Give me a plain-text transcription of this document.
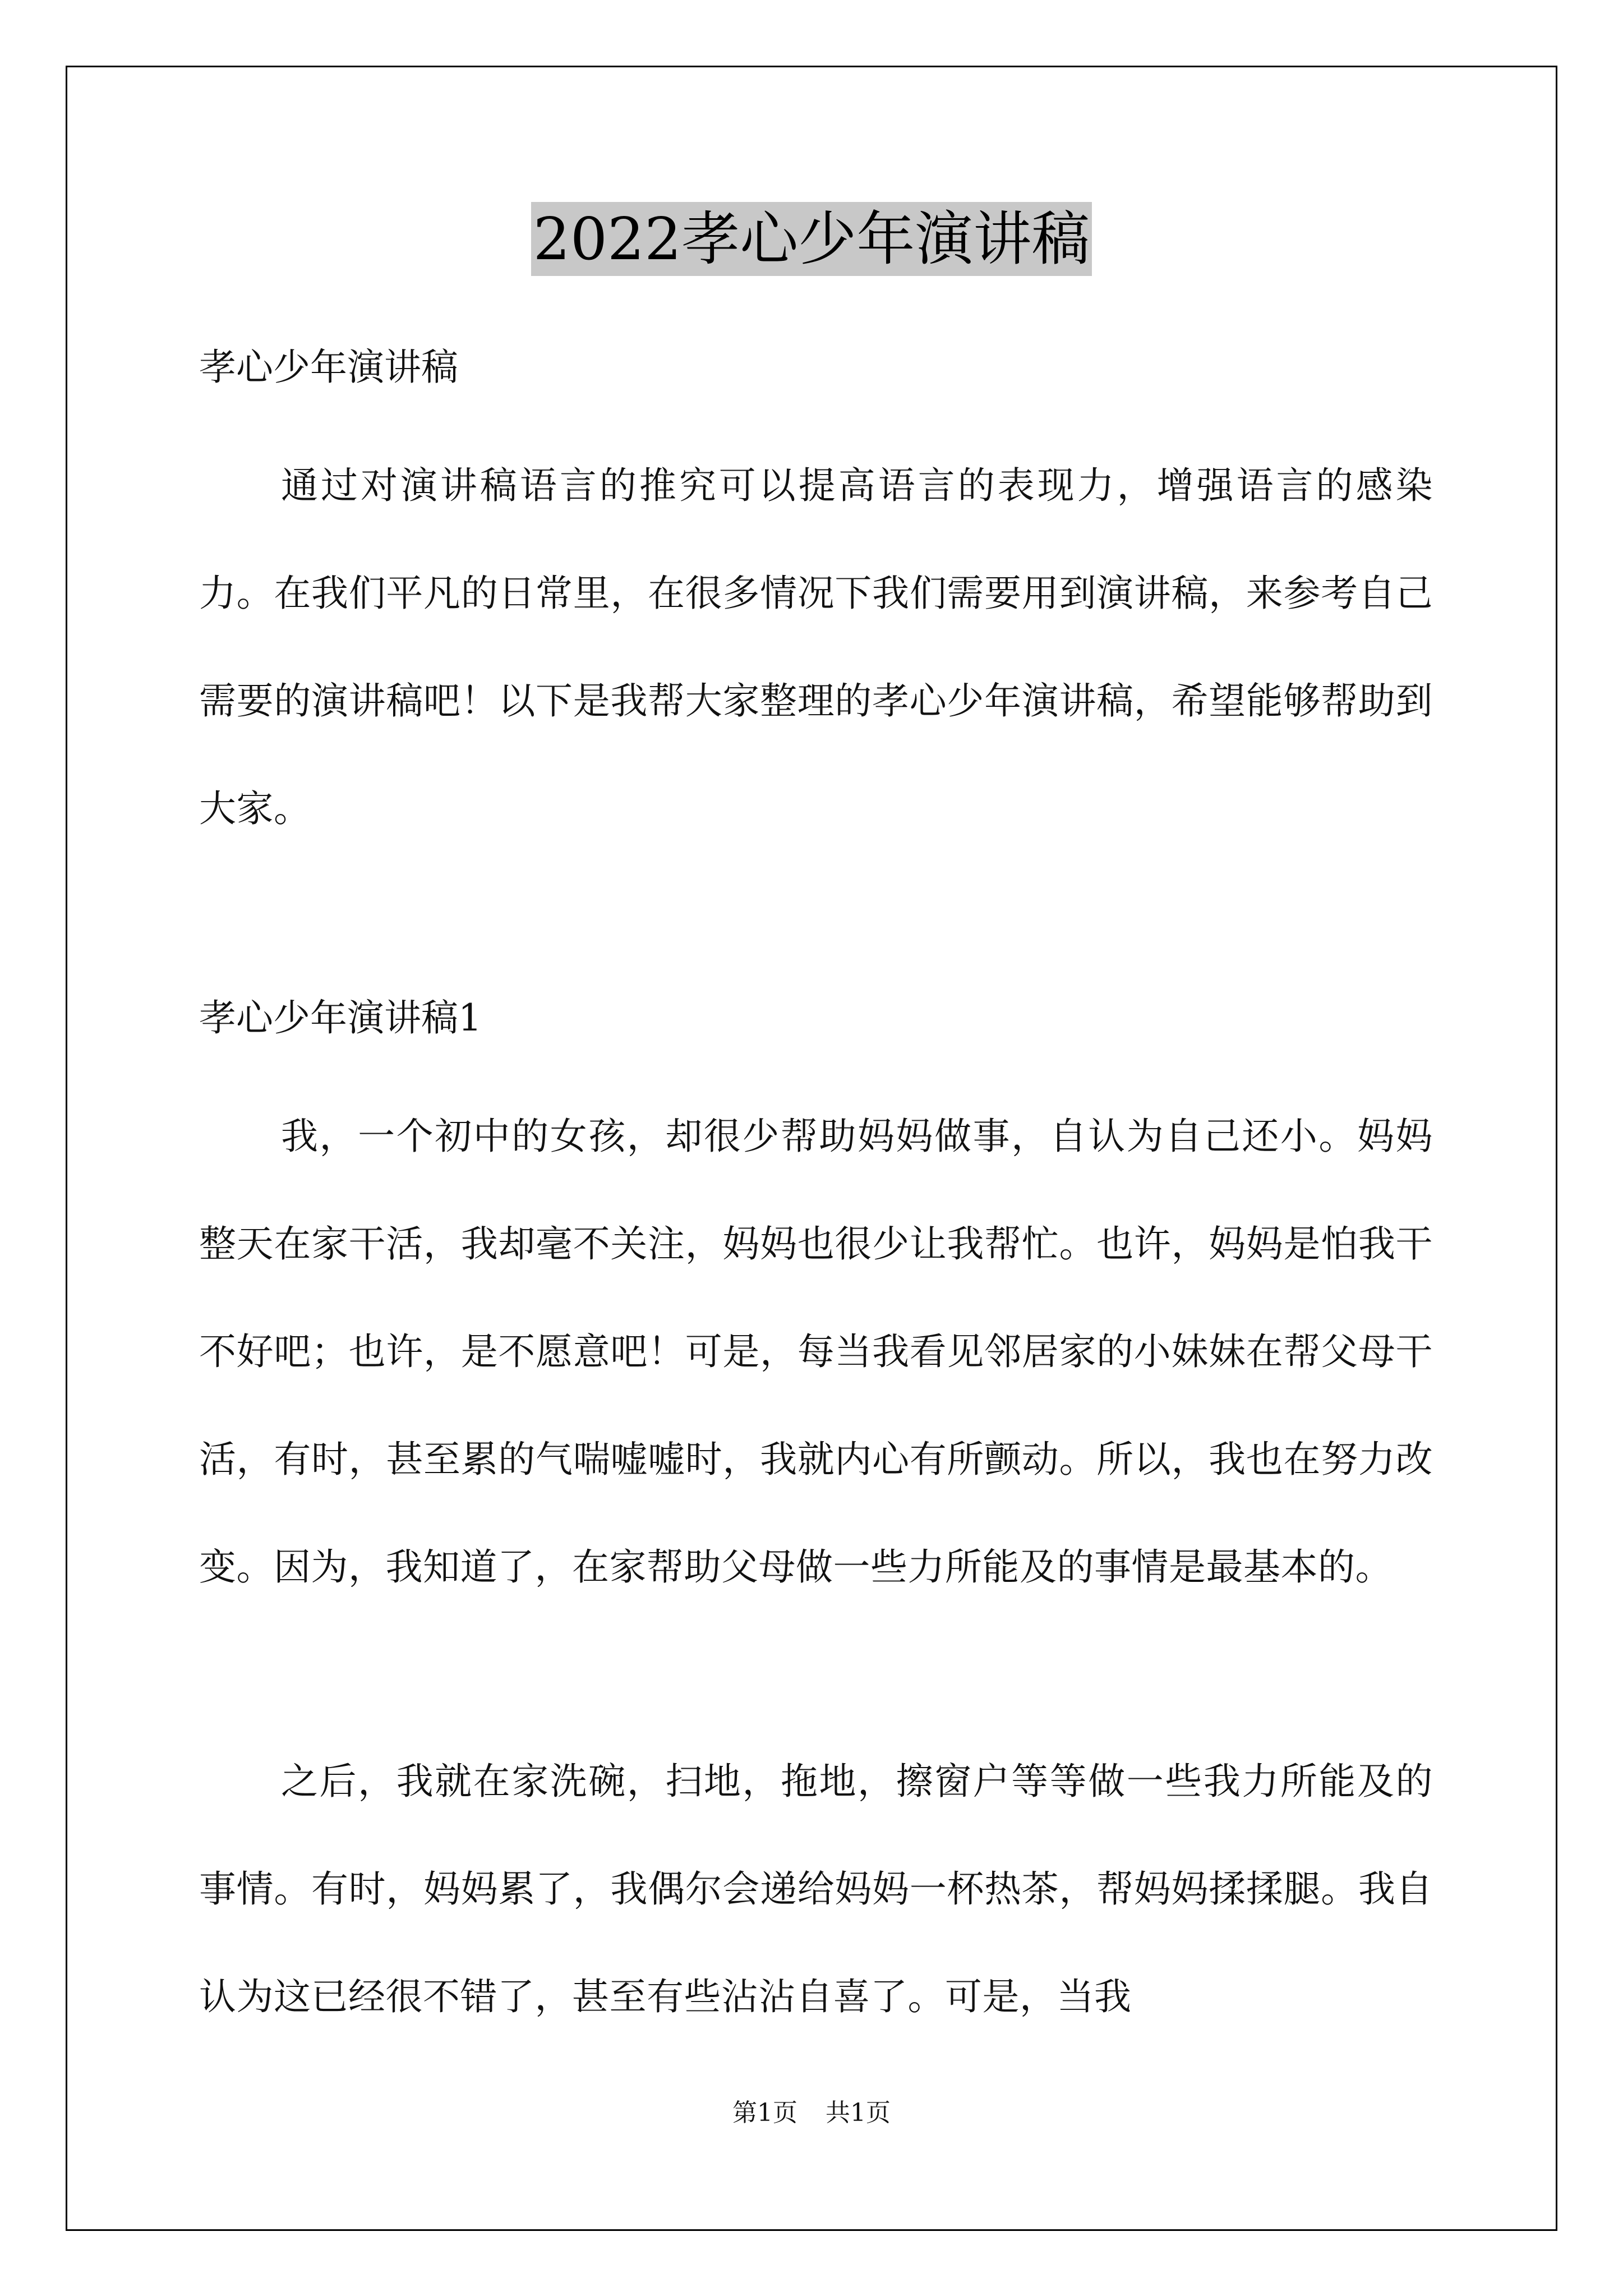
2022孝心少年演讲稿
孝心少年演讲稿
通过对演讲稿语言的推究可以提高语言的表现力，增强语言的感染力。在我们平凡的日常里，在很多情况下我们需要用到演讲稿，来参考自己需要的演讲稿吧！以下是我帮大家整理的孝心少年演讲稿，希望能够帮助到大家。
孝心少年演讲稿1
我，一个初中的女孩，却很少帮助妈妈做事，自认为自己还小。妈妈整天在家干活，我却毫不关注，妈妈也很少让我帮忙。也许，妈妈是怕我干不好吧；也许，是不愿意吧！可是，每当我看见邻居家的小妹妹在帮父母干活，有时，甚至累的气喘嘘嘘时，我就内心有所颤动。所以，我也在努力改变。因为，我知道了，在家帮助父母做一些力所能及的事情是最基本的。
之后，我就在家洗碗，扫地，拖地，擦窗户等等做一些我力所能及的事情。有时，妈妈累了，我偶尔会递给妈妈一杯热茶，帮妈妈揉揉腿。我自认为这已经很不错了，甚至有些沾沾自喜了。可是，当我
第1页 共1页
